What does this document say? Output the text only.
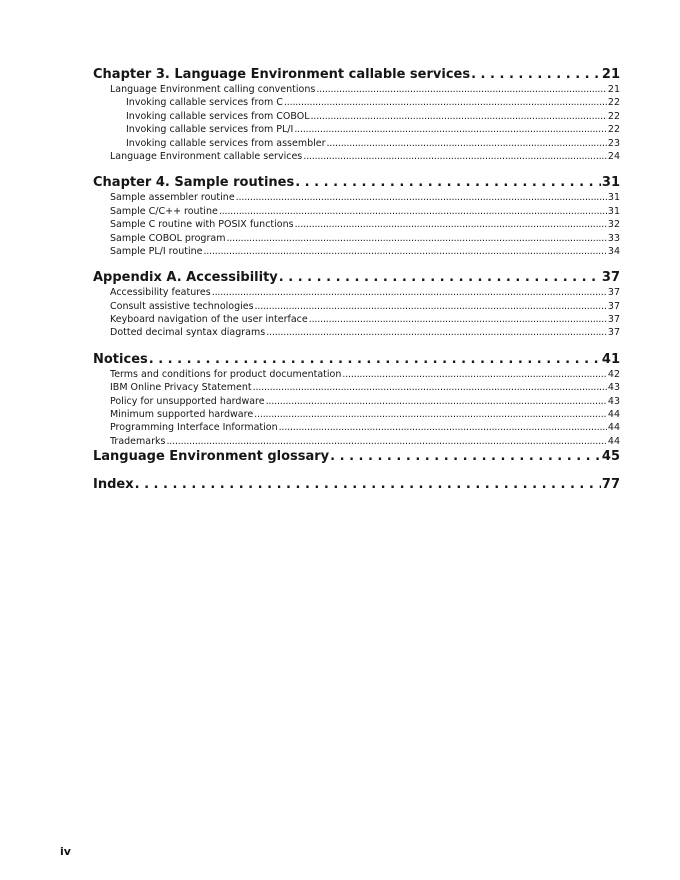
Chapter 3. Language Environment callable services . . .	21
Language Environment calling conventions . . .	21
Invoking callable services from C . . .	22
Invoking callable services from COBOL . . .	22
Invoking callable services from PL/I . . .	22
Invoking callable services from assembler . . .	23
Language Environment callable services . . .	24
Chapter 4. Sample routines . . .	31
Sample assembler routine . . .	31
Sample C/C++ routine . . .	31
Sample C routine with POSIX functions . . .	32
Sample COBOL program . . .	33
Sample PL/I routine . . .	34
Appendix A. Accessibility . . .	37
Accessibility features . . .	37
Consult assistive technologies . . .	37
Keyboard navigation of the user interface . . .	37
Dotted decimal syntax diagrams . . .	37
Notices . . .	41
Terms and conditions for product documentation . . .	42
IBM Online Privacy Statement . . .	43
Policy for unsupported hardware . . .	43
Minimum supported hardware . . .	44
Programming Interface Information . . .	44
Trademarks . . .	44
Language Environment glossary . . .	45
Index . . .	77
iv
